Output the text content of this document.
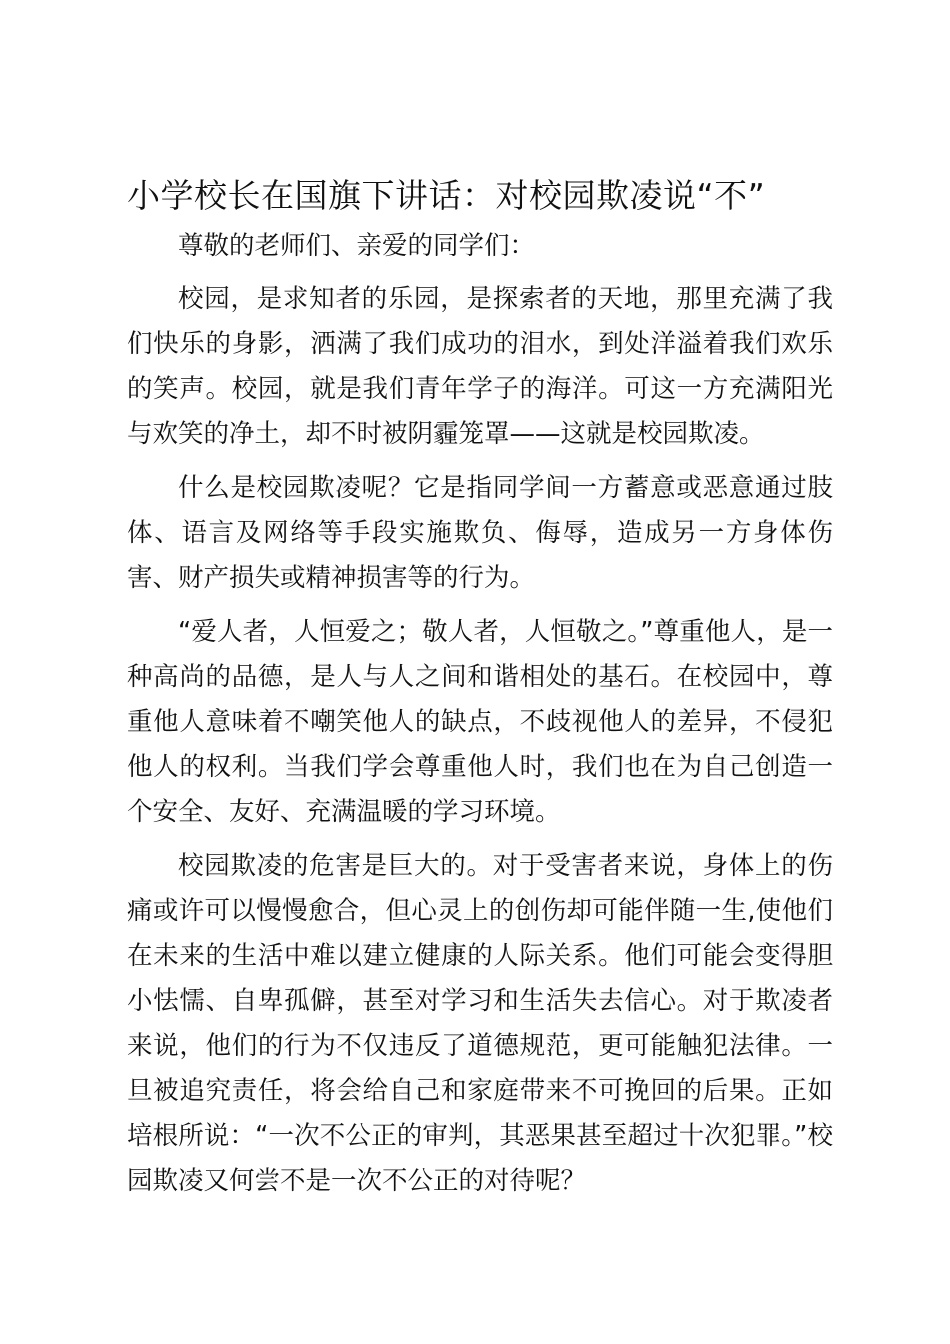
小学校长在国旗下讲话：对校园欺凌说“不”

尊敬的老师们、亲爱的同学们：

校园，是求知者的乐园，是探索者的天地，那里充满了我们快乐的身影，洒满了我们成功的泪水，到处洋溢着我们欢乐的笑声。校园，就是我们青年学子的海洋。可这一方充满阳光与欢笑的净土，却不时被阴霾笼罩——这就是校园欺凌。

什么是校园欺凌呢？它是指同学间一方蓄意或恶意通过肢体、语言及网络等手段实施欺负、侮辱，造成另一方身体伤害、财产损失或精神损害等的行为。

“爱人者，人恒爱之；敬人者，人恒敬之。”尊重他人，是一种高尚的品德，是人与人之间和谐相处的基石。在校园中，尊重他人意味着不嘲笑他人的缺点，不歧视他人的差异，不侵犯他人的权利。当我们学会尊重他人时，我们也在为自己创造一个安全、友好、充满温暖的学习环境。

校园欺凌的危害是巨大的。对于受害者来说，身体上的伤痛或许可以慢慢愈合，但心灵上的创伤却可能伴随一生,使他们在未来的生活中难以建立健康的人际关系。他们可能会变得胆小怯懦、自卑孤僻，甚至对学习和生活失去信心。对于欺凌者来说，他们的行为不仅违反了道德规范，更可能触犯法律。一旦被追究责任，将会给自己和家庭带来不可挽回的后果。正如培根所说：“一次不公正的审判，其恶果甚至超过十次犯罪。”校园欺凌又何尝不是一次不公正的对待呢？
